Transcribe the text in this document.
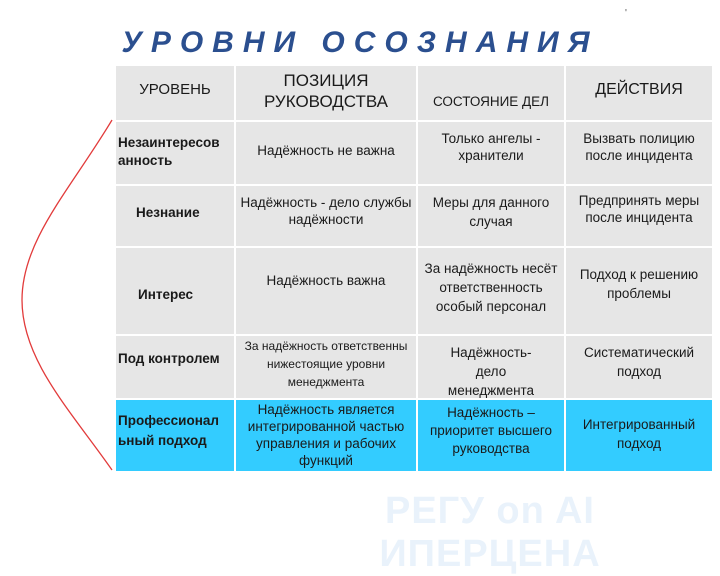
УРОВНИ ОСОЗНАНИЯ
'
УРОВЕНЬ	ПОЗИЦИЯ
РУКОВОДСТВА	СОСТОЯНИЕ ДЕЛ
ДЕЙСТВИЯ
Незаинтересов
анность
Надёжность не важна
Только ангелы -
хранители
Вызвать полицию
после инцидента
Незнание
Надёжность - дело службы
надёжности
Меры для данного
случая
Предпринять меры
после инцидента
Интерес
Надёжность важна
За надёжность несёт
ответственность
особый персонал
Подход к решению
проблемы
Под контролем
За надёжность ответственны
нижестоящие уровни
менеджмента
Надёжность-
дело
менеджмента
Систематический
подход
Профессионал
ьный подход
Надёжность является
интегрированной частью
управления и рабочих
функций
Надёжность –
приоритет высшего
руководства
Интегрированный
подход
РЕГУ on AI ИПЕРЦЕНА
